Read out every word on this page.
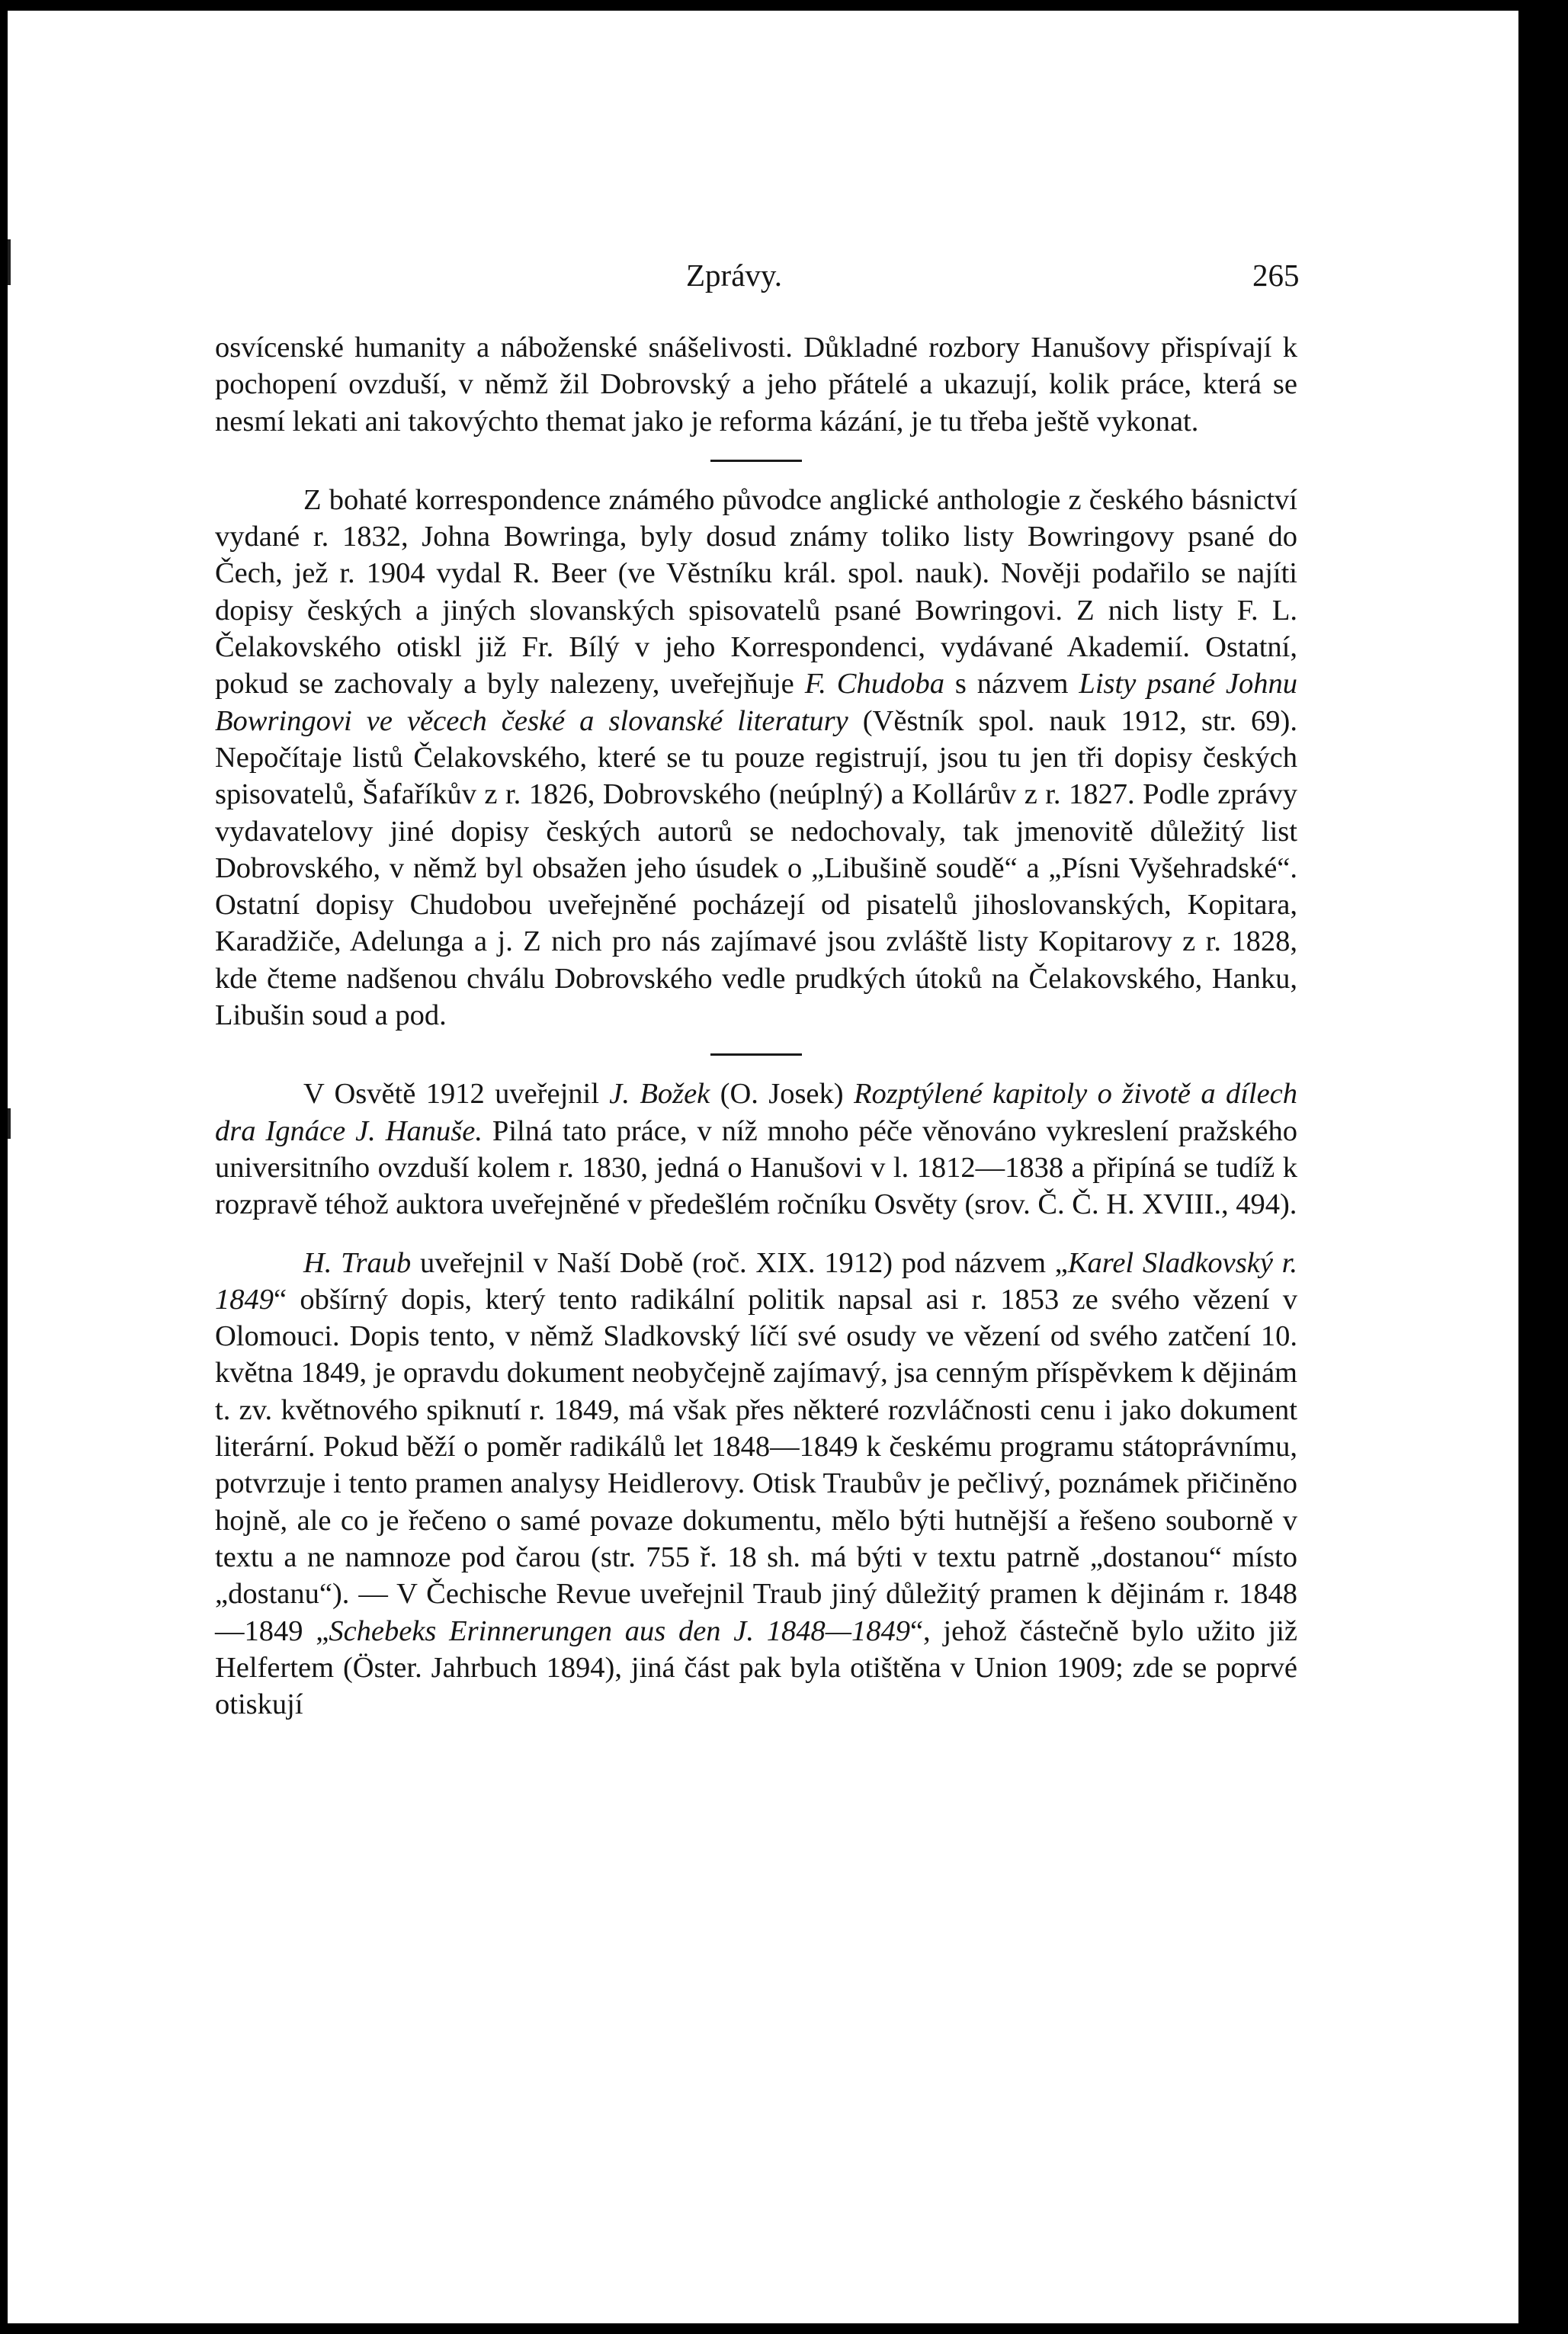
Zprávy.	265

osvícenské humanity a náboženské snášelivosti. Důkladné rozbory Hanušovy přispívají k pochopení ovzduší, v němž žil Dobrovský a jeho přátelé a ukazují, kolik práce, která se nesmí lekati ani takovýchto themat jako je reforma kázání, je tu třeba ještě vykonat.

Z bohaté korrespondence známého původce anglické anthologie z českého básnictví vydané r. 1832, Johna Bowringa, byly dosud známy toliko listy Bowringovy psané do Čech, jež r. 1904 vydal R. Beer (ve Věstníku král. spol. nauk). Nověji podařilo se najíti dopisy českých a jiných slovanských spisovatelů psané Bowringovi. Z nich listy F. L. Čelakovského otiskl již Fr. Bílý v jeho Korrespondenci, vydávané Akademií. Ostatní, pokud se zachovaly a byly nalezeny, uveřejňuje F. Chudoba s názvem Listy psané Johnu Bowringovi ve věcech české a slovanské literatury (Věstník spol. nauk 1912, str. 69). Nepočítaje listů Čelakovského, které se tu pouze registrují, jsou tu jen tři dopisy českých spisovatelů, Šafaříkův z r. 1826, Dobrovského (neúplný) a Kollárův z r. 1827. Podle zprávy vydavatelovy jiné dopisy českých autorů se nedochovaly, tak jmenovitě důležitý list Dobrovského, v němž byl obsažen jeho úsudek o „Libušině soudě“ a „Písni Vyšehradské“. Ostatní dopisy Chudobou uveřejněné pocházejí od pisatelů jihoslovanských, Kopitara, Karadžiče, Adelunga a j. Z nich pro nás zajímavé jsou zvláště listy Kopitarovy z r. 1828, kde čteme nadšenou chválu Dobrovského vedle prudkých útoků na Čelakovského, Hanku, Libušin soud a pod.

V Osvětě 1912 uveřejnil J. Božek (O. Josek) Rozptýlené kapitoly o životě a dílech dra Ignáce J. Hanuše. Pilná tato práce, v níž mnoho péče věnováno vykreslení pražského universitního ovzduší kolem r. 1830, jedná o Hanušovi v l. 1812—1838 a připíná se tudíž k rozpravě téhož auktora uveřejněné v předešlém ročníku Osvěty (srov. Č. Č. H. XVIII., 494).

H. Traub uveřejnil v Naší Době (roč. XIX. 1912) pod názvem „Karel Sladkovský r. 1849“ obšírný dopis, který tento radikální politik napsal asi r. 1853 ze svého vězení v Olomouci. Dopis tento, v němž Sladkovský líčí své osudy ve vězení od svého zatčení 10. května 1849, je opravdu dokument neobyčejně zajímavý, jsa cenným příspěvkem k dějinám t. zv. květnového spiknutí r. 1849, má však přes některé rozvláčnosti cenu i jako dokument literární. Pokud běží o poměr radikálů let 1848—1849 k českému programu státoprávnímu, potvrzuje i tento pramen analysy Heidlerovy. Otisk Traubův je pečlivý, poznámek přičiněno hojně, ale co je řečeno o samé povaze dokumentu, mělo býti hutnější a řešeno souborně v textu a ne namnoze pod čarou (str. 755 ř. 18 sh. má býti v textu patrně „dostanou“ místo „dostanu“). — V Čechische Revue uveřejnil Traub jiný důležitý pramen k dějinám r. 1848—1849 „Schebeks Erinnerungen aus den J. 1848—1849“, jehož částečně bylo užito již Helfertem (Öster. Jahrbuch 1894), jiná část pak byla otištěna v Union 1909; zde se poprvé otiskují
